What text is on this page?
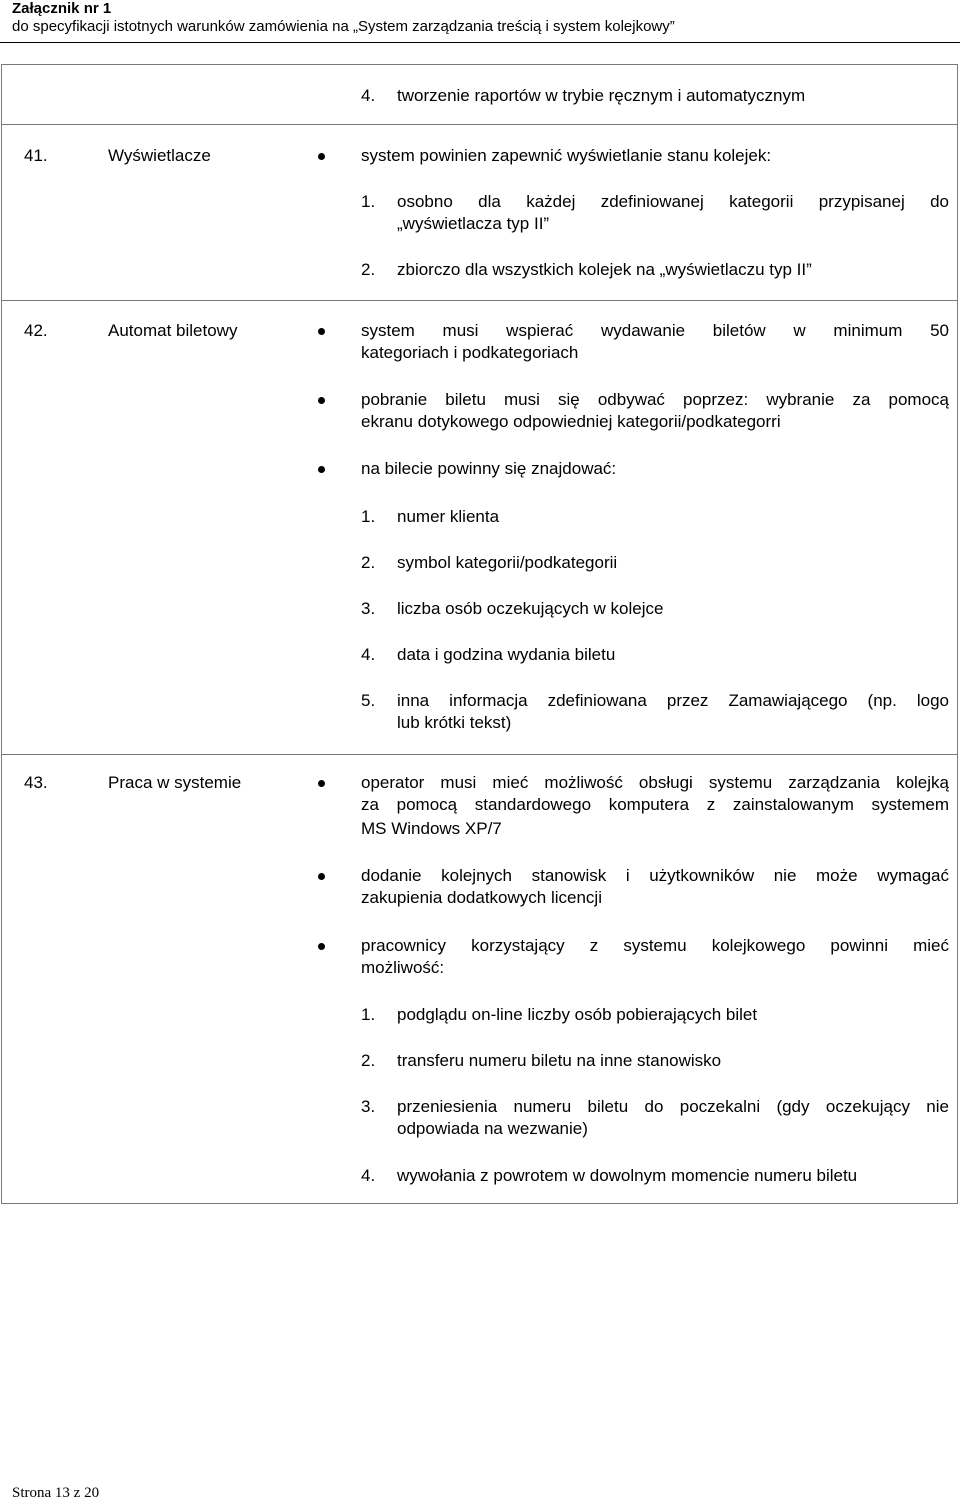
Załącznik nr 1
do specyfikacji istotnych warunków zamówienia na „System zarządzania treścią i system kolejkowy”
4. tworzenie raportów w trybie ręcznym i automatycznym
41.	Wyświetlacze	system powinien zapewnić wyświetlanie stanu kolejek:
1. osobno dla każdej zdefiniowanej kategorii przypisanej do
„wyświetlacza typ II”
2. zbiorczo dla wszystkich kolejek na „wyświetlaczu typ II”
42.	Automat biletowy	system musi wspierać wydawanie biletów w minimum 50
kategoriach i podkategoriach
pobranie biletu musi się odbywać poprzez: wybranie za pomocą
ekranu dotykowego odpowiedniej kategorii/podkategorri
na bilecie powinny się znajdować:
1. numer klienta
2. symbol kategorii/podkategorii
3. liczba osób oczekujących w kolejce
4. data i godzina wydania biletu
5. inna informacja zdefiniowana przez Zamawiającego (np. logo
lub krótki tekst)
43.	Praca w systemie	operator musi mieć możliwość obsługi systemu zarządzania kolejką
za pomocą standardowego komputera z zainstalowanym systemem
MS Windows XP/7
dodanie kolejnych stanowisk i użytkowników nie może wymagać
zakupienia dodatkowych licencji
pracownicy korzystający z systemu kolejkowego powinni mieć
możliwość:
1. podglądu on-line liczby osób pobierających bilet
2. transferu numeru biletu na inne stanowisko
3. przeniesienia numeru biletu do poczekalni (gdy oczekujący nie
odpowiada na wezwanie)
4. wywołania z powrotem w dowolnym momencie numeru biletu
Strona 13 z 20
